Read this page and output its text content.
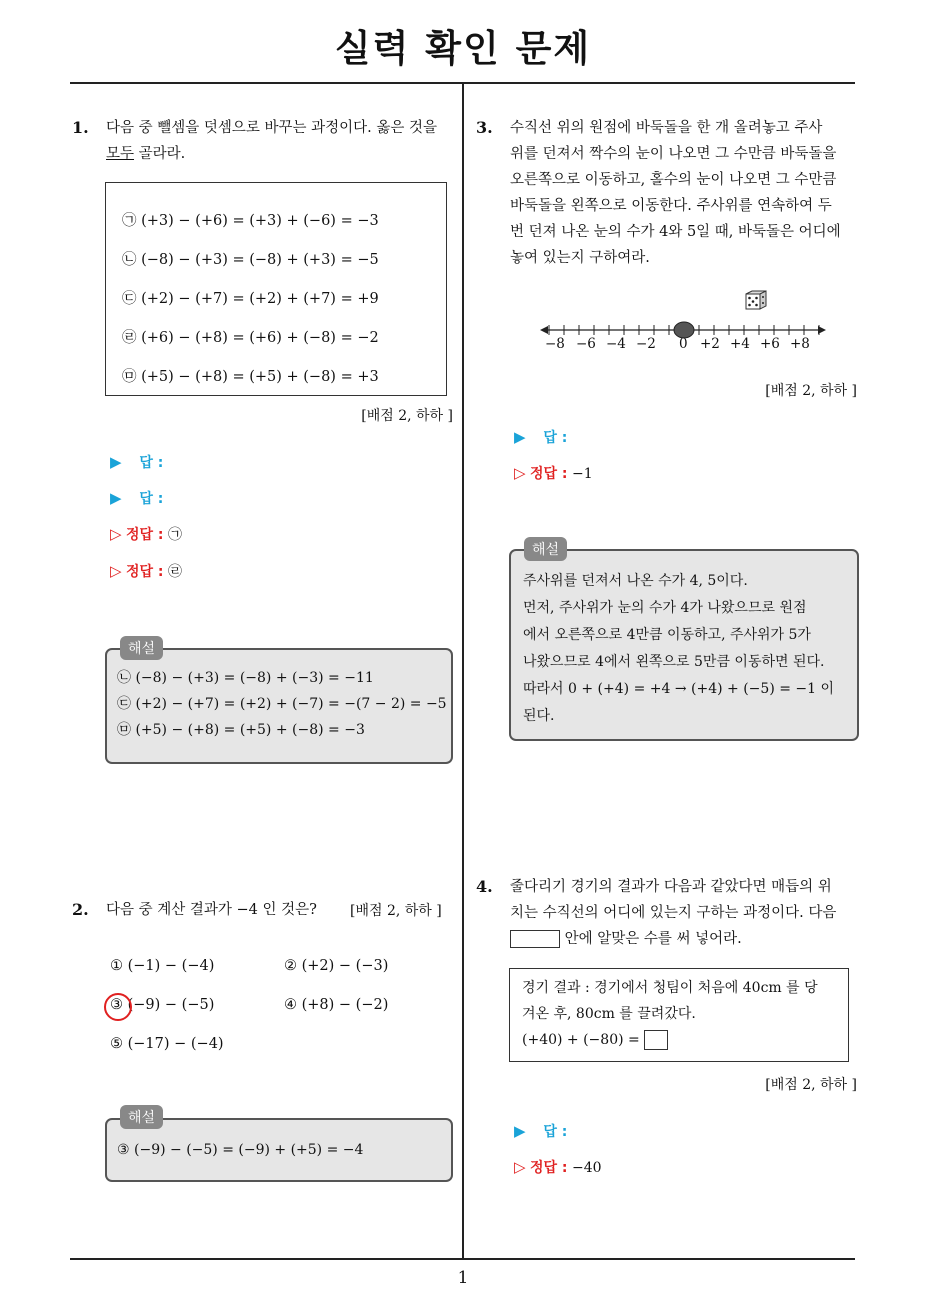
실력 확인 문제
1
1. 다음 중 뺄셈을 덧셈으로 바꾸는 과정이다. 옳은 것을
모두 골라라.
㉠ (+3) − (+6) = (+3) + (−6) = −3
㉡ (−8) − (+3) = (−8) + (+3) = −5
㉢ (+2) − (+7) = (+2) + (+7) = +9
㉣ (+6) − (+8) = (+6) + (−8) = −2
㉤ (+5) − (+8) = (+5) + (−8) = +3
[배점 2, 하하 ]
▶ 답 :
▶ 답 :
▷ 정답 : ㉠
▷ 정답 : ㉣
㉡ (−8) − (+3) = (−8) + (−3) = −11
㉢ (+2) − (+7) = (+2) + (−7) = −(7 − 2) = −5
㉤ (+5) − (+8) = (+5) + (−8) = −3
해설
2. 다음 중 계산 결과가 −4 인 것은? [배점 2, 하하 ]
① (−1) − (−4)	② (+2) − (−3)
③ (−9) − (−5)	④ (+8) − (−2)
⑤ (−17) − (−4)
③ (−9) − (−5) = (−9) + (+5) = −4
해설
3. 수직선 위의 원점에 바둑돌을 한 개 올려놓고 주사
위를 던져서 짝수의 눈이 나오면 그 수만큼 바둑돌을
오른쪽으로 이동하고, 홀수의 눈이 나오면 그 수만큼
바둑돌을 왼쪽으로 이동한다. 주사위를 연속하여 두
번 던져 나온 눈의 수가 4와 5일 때, 바둑돌은 어디에
놓여 있는지 구하여라.
−8 −6 −4 −2 0 +2 +4 +6 +8
[배점 2, 하하 ]
▶ 답 :
▷ 정답 : −1
주사위를 던져서 나온 수가 4, 5이다.
먼저, 주사위가 눈의 수가 4가 나왔으므로 원점
에서 오른쪽으로 4만큼 이동하고, 주사위가 5가
나왔으므로 4에서 왼쪽으로 5만큼 이동하면 된다.
따라서 0 + (+4) = +4 → (+4) + (−5) = −1 이
된다.
해설
4. 줄다리기 경기의 결과가 다음과 같았다면 매듭의 위
치는 수직선의 어디에 있는지 구하는 과정이다. 다음
안에 알맞은 수를 써 넣어라.
경기 결과 : 경기에서 청팀이 처음에 40cm 를 당
겨온 후, 80cm 를 끌려갔다.
(+40) + (−80) =
[배점 2, 하하 ]
▶ 답 :
▷ 정답 : −40
